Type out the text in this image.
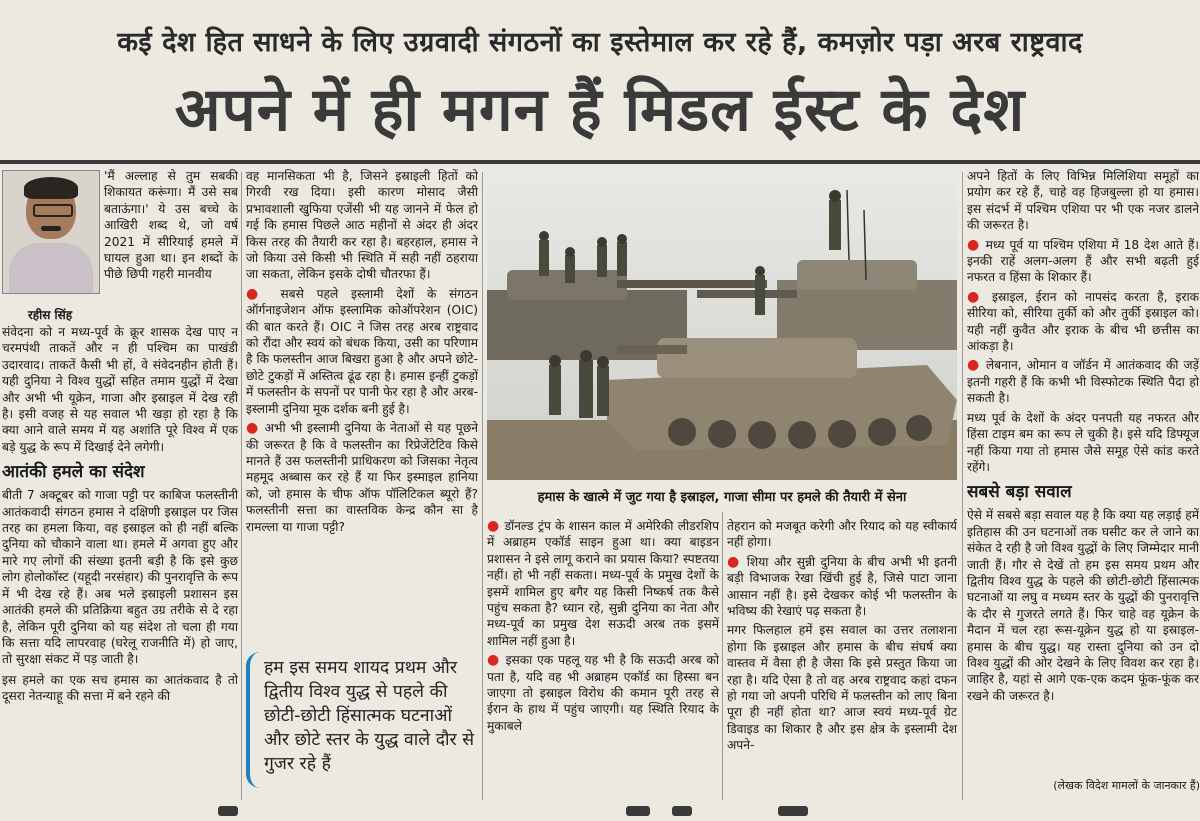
कई देश हित साधने के लिए उग्रवादी संगठनों का इस्तेमाल कर रहे हैं, कमज़ोर पड़ा अरब राष्ट्रवाद
अपने में ही मगन हैं मिडल ईस्ट के देश
रहीस सिंह

'मैं अल्लाह से तुम सबकी शिकायत करूंगा। मैं उसे सब बताऊंगा।' ये उस बच्चे के आखिरी शब्द थे, जो वर्ष 2021 में सीरियाई हमले में घायल हुआ था। इन शब्दों के पीछे छिपी गहरी मानवीय

संवेदना को न मध्य-पूर्व के क्रूर शासक देख पाए न चरमपंथी ताकतें और न ही पश्चिम का पाखंडी उदारवाद। ताकतें कैसी भी हों, वे संवेदनहीन होती हैं। यही दुनिया ने विश्व युद्धों सहित तमाम युद्धों में देखा और अभी भी यूक्रेन, गाजा और इस्राइल में देख रही है। इसी वजह से यह सवाल भी खड़ा हो रहा है कि क्या आने वाले समय में यह अशांति पूरे विश्व में एक बड़े युद्ध के रूप में दिखाई देने लगेगी।

आतंकी हमले का संदेश

बीती 7 अक्टूबर को गाजा पट्टी पर काबिज फलस्तीनी आतंकवादी संगठन हमास ने दक्षिणी इस्राइल पर जिस तरह का हमला किया, वह इस्राइल को ही नहीं बल्कि दुनिया को चौकाने वाला था। हमले में अगवा हुए और मारे गए लोगों की संख्या इतनी बड़ी है कि इसे कुछ लोग होलोकॉस्ट (यहूदी नरसंहार) की पुनरावृत्ति के रूप में भी देख रहे हैं। अब भले इस्राइली प्रशासन इस आतंकी हमले की प्रतिक्रिया बहुत उग्र तरीके से दे रहा है, लेकिन पूरी दुनिया को यह संदेश तो चला ही गया कि सत्ता यदि लापरवाह (घरेलू राजनीति में) हो जाए, तो सुरक्षा संकट में पड़ जाती है।

इस हमले का एक सच हमास का आतंकवाद है तो दूसरा नेतन्याहू की सत्ता में बने रहने की

वह मानसिकता भी है, जिसने इस्राइली हितों को गिरवी रख दिया। इसी कारण मोसाद जैसी प्रभावशाली खुफिया एजेंसी भी यह जानने में फेल हो गई कि हमास पिछले आठ महीनों से अंदर ही अंदर किस तरह की तैयारी कर रहा है। बहरहाल, हमास ने जो किया उसे किसी भी स्थिति में सही नहीं ठहराया जा सकता, लेकिन इसके दोषी चौतरफा हैं।

● सबसे पहले इस्लामी देशों के संगठन ऑर्गनाइजेशन ऑफ इस्लामिक कोऑपरेशन (OIC) की बात करते हैं। OIC ने जिस तरह अरब राष्ट्रवाद को रौंदा और स्वयं को बंधक किया, उसी का परिणाम है कि फलस्तीन आज बिखरा हुआ है और अपने छोटे-छोटे टुकड़ों में अस्तित्व ढूंढ रहा है। हमास इन्हीं टुकड़ों में फलस्तीन के सपनों पर पानी फेर रहा है और अरब-इस्लामी दुनिया मूक दर्शक बनी हुई है।

● अभी भी इस्लामी दुनिया के नेताओं से यह पूछने की जरूरत है कि वे फलस्तीन का रिप्रेजेंटेटिव किसे मानते हैं उस फलस्तीनी प्राधिकरण को जिसका नेतृत्व महमूद अब्बास कर रहे हैं या फिर इस्माइल हानिया को, जो हमास के चीफ ऑफ पॉलिटिकल ब्यूरो हैं? फलस्तीनी सत्ता का वास्तविक केन्द्र कौन सा है रामल्ला या गाजा पट्टी?

हम इस समय शायद प्रथम और द्वितीय विश्व युद्ध से पहले की छोटी-छोटी हिंसात्मक घटनाओं और छोटे स्तर के युद्ध वाले दौर से गुजर रहे हैं
हमास के खात्मे में जुट गया है इस्राइल, गाजा सीमा पर हमले की तैयारी में सेना

● डॉनल्ड ट्रंप के शासन काल में अमेरिकी लीडरशिप में अब्राहम एकॉर्ड साइन हुआ था। क्या बाइडन प्रशासन ने इसे लागू कराने का प्रयास किया? स्पष्टतया नहीं। हो भी नहीं सकता। मध्य-पूर्व के प्रमुख देशों के इसमें शामिल हुए बगैर यह किसी निष्कर्ष तक कैसे पहुंच सकता है? ध्यान रहे, सुन्नी दुनिया का नेता और मध्य-पूर्व का प्रमुख देश सऊदी अरब तक इसमें शामिल नहीं हुआ है।

● इसका एक पहलू यह भी है कि सऊदी अरब को पता है, यदि वह भी अब्राहम एकॉर्ड का हिस्सा बन जाएगा तो इस्राइल विरोध की कमान पूरी तरह से ईरान के हाथ में पहुंच जाएगी। यह स्थिति रियाद के मुकाबले

तेहरान को मजबूत करेगी और रियाद को यह स्वीकार्य नहीं होगा।

● शिया और सुन्नी दुनिया के बीच अभी भी इतनी बड़ी विभाजक रेखा खिंची हुई है, जिसे पाटा जाना आसान नहीं है। इसे देखकर कोई भी फलस्तीन के भविष्य की रेखाएं पढ़ सकता है।

मगर फिलहाल हमें इस सवाल का उत्तर तलाशना होगा कि इस्राइल और हमास के बीच संघर्ष क्या वास्तव में वैसा ही है जैसा कि इसे प्रस्तुत किया जा रहा है। यदि ऐसा है तो वह अरब राष्ट्रवाद कहां दफन हो गया जो अपनी परिधि में फलस्तीन को लाए बिना पूरा ही नहीं होता था? आज स्वयं मध्य-पूर्व ग्रेट डिवाइड का शिकार है और इस क्षेत्र के इस्लामी देश अपने-

अपने हितों के लिए विभिन्न मिलिशिया समूहों का प्रयोग कर रहे हैं, चाहे वह हिजबुल्ला हो या हमास। इस संदर्भ में पश्चिम एशिया पर भी एक नजर डालने की जरूरत है।

● मध्य पूर्व या पश्चिम एशिया में 18 देश आते हैं। इनकी राहें अलग-अलग हैं और सभी बढ़ती हुई नफरत व हिंसा के शिकार हैं।

● इस्राइल, ईरान को नापसंद करता है, इराक सीरिया को, सीरिया तुर्की को और तुर्की इस्राइल को। यही नहीं कुवैत और इराक के बीच भी छत्तीस का आंकड़ा है।

● लेबनान, ओमान व जॉर्डन में आतंकवाद की जड़ें इतनी गहरी हैं कि कभी भी विस्फोटक स्थिति पैदा हो सकती है।

मध्य पूर्व के देशों के अंदर पनपती यह नफरत और हिंसा टाइम बम का रूप ले चुकी है। इसे यदि डिफ्यूज नहीं किया गया तो हमास जैसे समूह ऐसे कांड करते रहेंगे।

सबसे बड़ा सवाल

ऐसे में सबसे बड़ा सवाल यह है कि क्या यह लड़ाई हमें इतिहास की उन घटनाओं तक घसीट कर ले जाने का संकेत दे रही है जो विश्व युद्धों के लिए जिम्मेदार मानी जाती हैं। गौर से देखें तो हम इस समय प्रथम और द्वितीय विश्व युद्ध के पहले की छोटी-छोटी हिंसात्मक घटनाओं या लघु व मध्यम स्तर के युद्धों की पुनरावृत्ति के दौर से गुजरते लगते हैं। फिर चाहे वह यूक्रेन के मैदान में चल रहा रूस-यूक्रेन युद्ध हो या इस्राइल-हमास के बीच युद्ध। यह रास्ता दुनिया को उन दो विश्व युद्धों की ओर देखने के लिए विवश कर रहा है। जाहिर है, यहां से आगे एक-एक कदम फूंक-फूंक कर रखने की जरूरत है।

(लेखक विदेश मामलों के जानकार हैं)
